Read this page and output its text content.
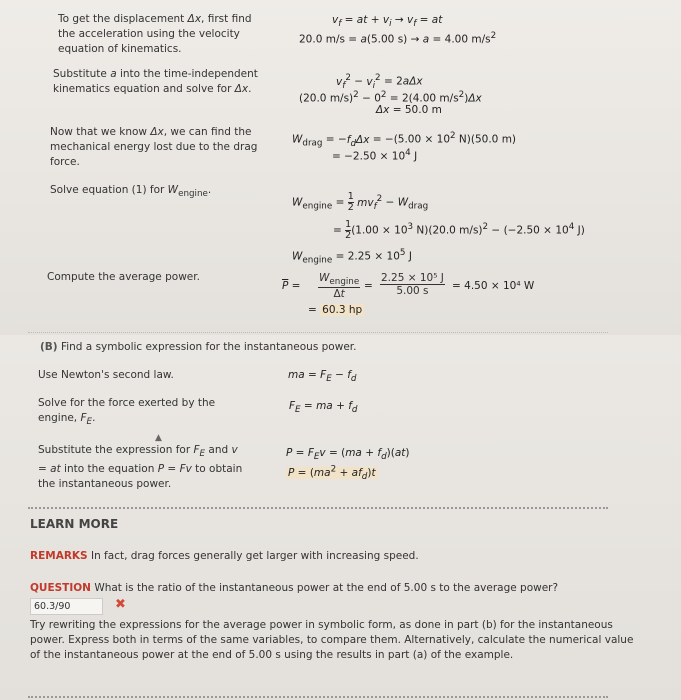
To get the displacement Δx, first find the acceleration using the velocity equation of kinematics.
$v_f$ = at + $v_i \to v_f$ = at
20.0 m/s = a(5.00 s) → a = 4.00 $m/s^2$
Substitute a into the time-independent kinematics equation and solve for Δx.
$v_f^2 - v_i^2 = 2a\Delta x$
(20.0 $m/s)^2 - 0^2 = 2(4.00$ $m/s^2)\Delta x$
Δx = 50.0 m
Now that we know Δx, we can find the mechanical energy lost due to the drag force.
$W_{drag} = -f_d\Delta x = -(5.00 \times 10^2$ N)(50.0 m)
= $-2.50 \times 10^4$ J
Solve equation (1) for $W_{engine}$.
$W_{engine} = \frac{1}{2} mv_f^2 - W_{drag}$
= $\frac{1}{2} (1.00 \times 10^3$ N)(20.0 $m/s)^2 - (-2.50 \times 10^4$ J)
$W_{engine} = 2.25 \times 10^5$ J
Compute the average power.
$\overline{P}$ =
$W_{engine}$
Δt
= $\frac{\text{2.25 × 10⁵ J}}{5.00 s} = 4.50 \times 10^4$ W
= 60.3 hp
(B) Find a symbolic expression for the instantaneous power.
Use Newton's second law.	ma = $F_E - f_d$
Solve for the force exerted by the engine, $F_E$.
$F_E$ = ma + $f_d$
▲
Substitute the expression for $F_E$ and v = at into the equation P = Fv to obtain the instantaneous power.
$P = F_Ev = (ma + f_d)(at)$
$P = (ma^2 + af_d)t$
LEARN MORE
REMARKS In fact, drag forces generally get larger with increasing speed.
QUESTION What is the ratio of the instantaneous power at the end of 5.00 s to the average power?
60.3/90	✖
Try rewriting the expressions for the average power in symbolic form, as done in part (b) for the instantaneous power. Express both in terms of the same variables, to compare them. Alternatively, calculate the numerical value of the instantaneous power at the end of 5.00 s using the results in part (a) of the example.
